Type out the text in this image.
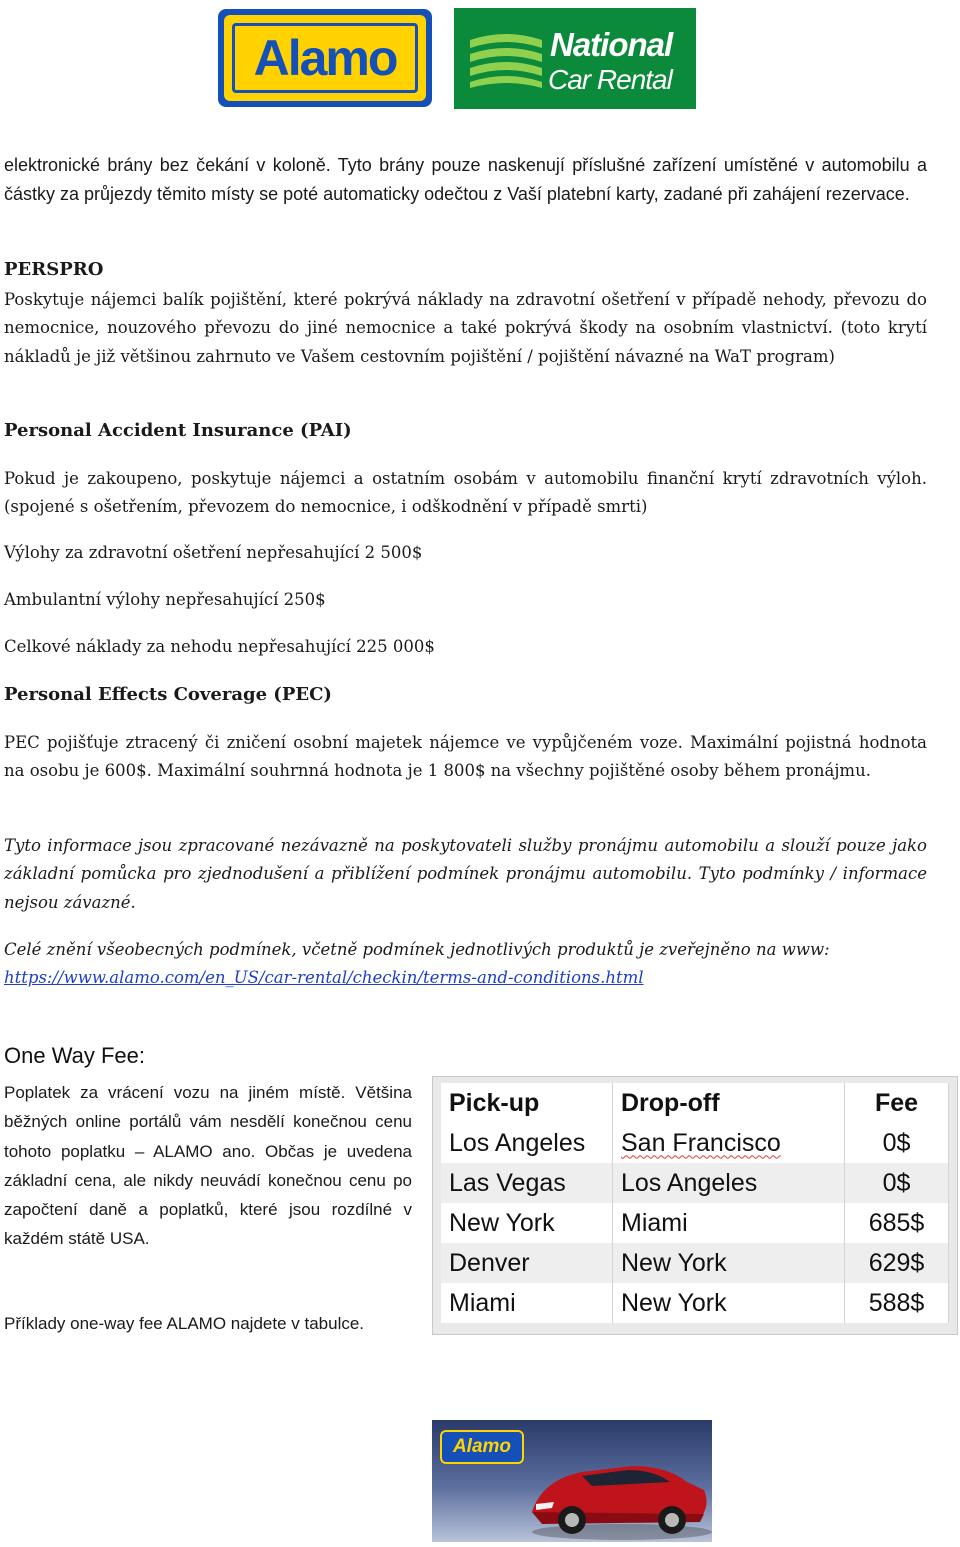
Alamo	National
Car Rental
elektronické brány bez čekání v koloně. Tyto brány pouze naskenují příslušné zařízení umístěné v automobilu a částky za průjezdy těmito místy se poté automaticky odečtou z Vaší platební karty, zadané při zahájení rezervace.
PERSPRO
Poskytuje nájemci balík pojištění, které pokrývá náklady na zdravotní ošetření v případě nehody, převozu do nemocnice, nouzového převozu do jiné nemocnice a také pokrývá škody na osobním vlastnictví. (toto krytí nákladů je již většinou zahrnuto ve Vašem cestovním pojištění / pojištění návazné na WaT program)
Personal Accident Insurance (PAI)
Pokud je zakoupeno, poskytuje nájemci a ostatním osobám v automobilu finanční krytí zdravotních výloh. (spojené s ošetřením, převozem do nemocnice, i odškodnění v případě smrti)
Výlohy za zdravotní ošetření nepřesahující 2 500$
Ambulantní výlohy nepřesahující 250$
Celkové náklady za nehodu nepřesahující 225 000$
Personal Effects Coverage (PEC)
PEC pojišťuje ztracený či zničení osobní majetek nájemce ve vypůjčeném voze. Maximální pojistná hodnota na osobu je 600$. Maximální souhrnná hodnota je 1 800$ na všechny pojištěné osoby během pronájmu.
Tyto informace jsou zpracované nezávazně na poskytovateli služby pronájmu automobilu a slouží pouze jako základní pomůcka pro zjednodušení a přiblížení podmínek pronájmu automobilu. Tyto podmínky / informace nejsou závazné.
Celé znění všeobecných podmínek, včetně podmínek jednotlivých produktů je zveřejněno na www:
https://www.alamo.com/en_US/car-rental/checkin/terms-and-conditions.html
One Way Fee:
Poplatek za vrácení vozu na jiném místě. Většina běžných online portálů vám nesdělí konečnou cenu tohoto poplatku – ALAMO ano. Občas je uvedena základní cena, ale nikdy neuvádí konečnou cenu po započtení daně a poplatků, které jsou rozdílné v každém státě USA.
Příklady one-way fee ALAMO najdete v tabulce.
Pick-up	Drop-off	Fee
Los Angeles	San Francisco	0$
Las Vegas	Los Angeles	0$
New York	Miami	685$
Denver	New York	629$
Miami	New York	588$
Alamo
